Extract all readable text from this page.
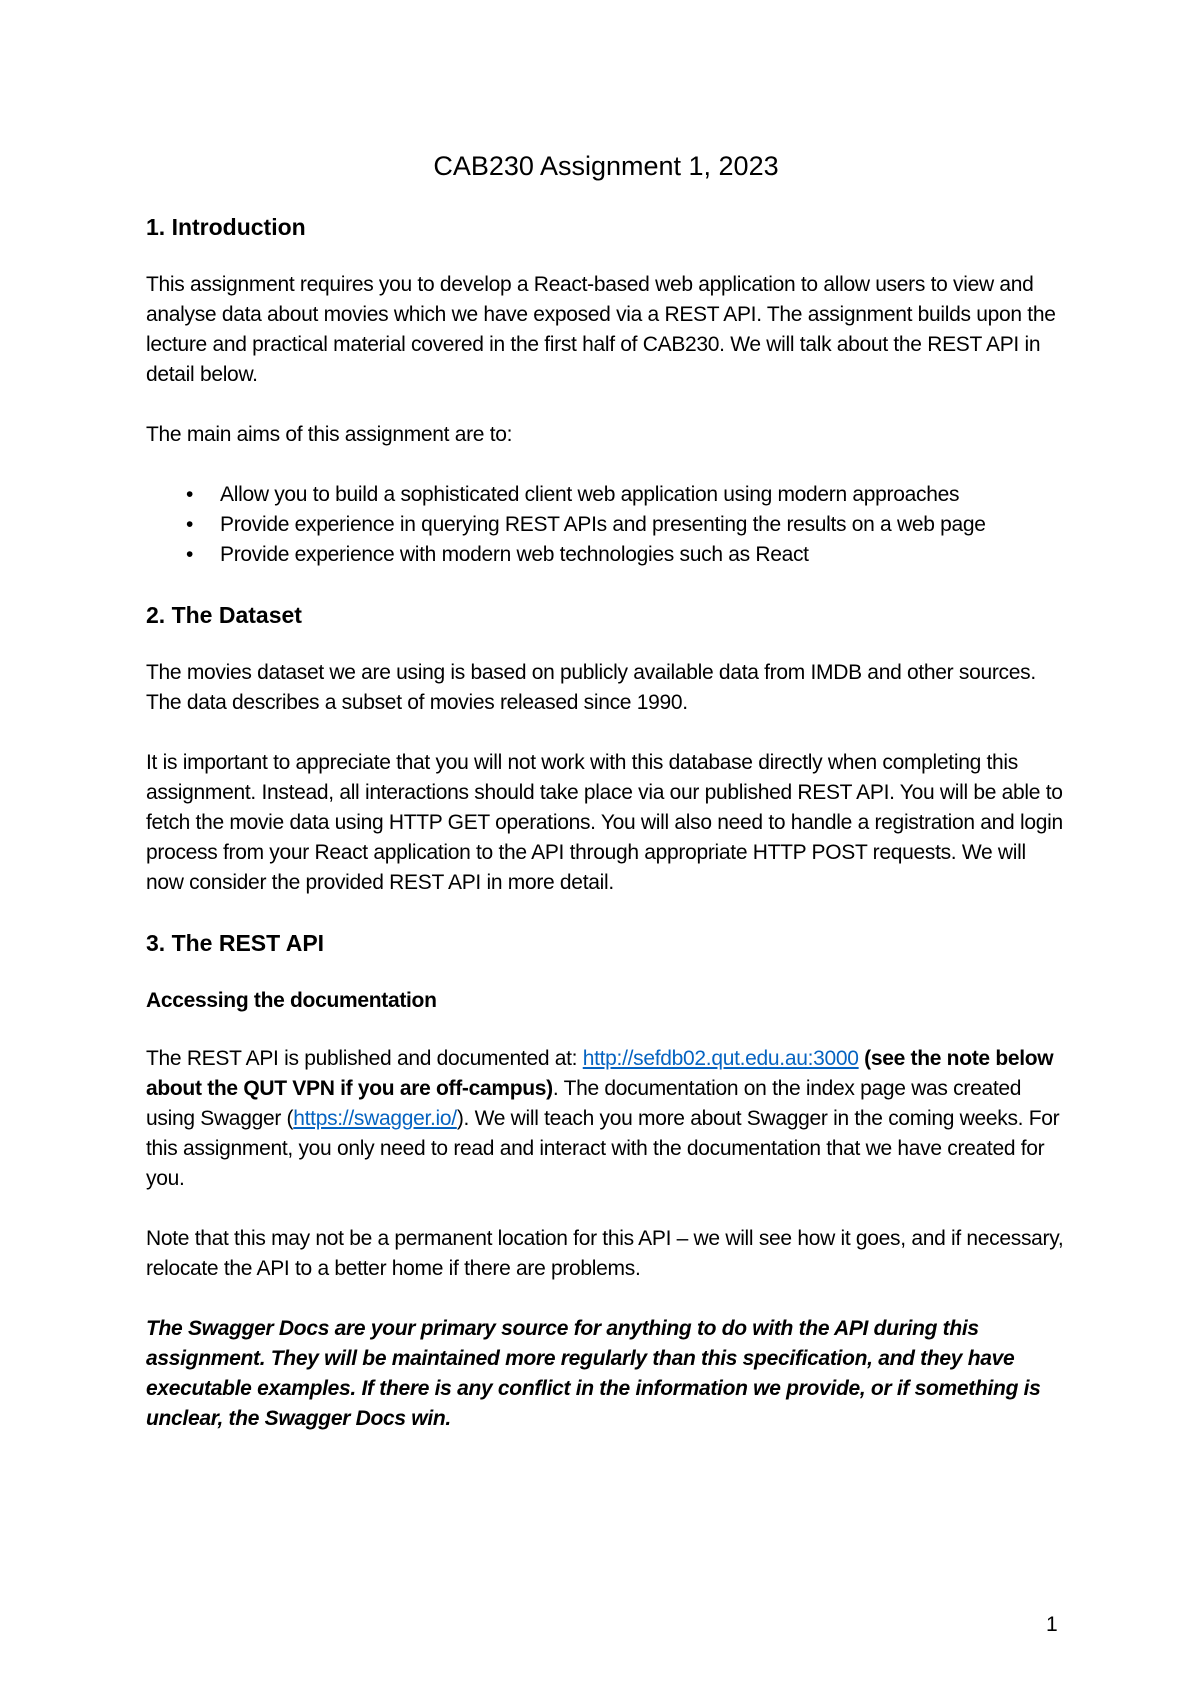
CAB230 Assignment 1, 2023
1. Introduction

This assignment requires you to develop a React-based web application to allow users to view and analyse data about movies which we have exposed via a REST API. The assignment builds upon the lecture and practical material covered in the first half of CAB230. We will talk about the REST API in detail below.

The main aims of this assignment are to:

• Allow you to build a sophisticated client web application using modern approaches
• Provide experience in querying REST APIs and presenting the results on a web page
• Provide experience with modern web technologies such as React
2. The Dataset

The movies dataset we are using is based on publicly available data from IMDB and other sources. The data describes a subset of movies released since 1990.

It is important to appreciate that you will not work with this database directly when completing this assignment. Instead, all interactions should take place via our published REST API. You will be able to fetch the movie data using HTTP GET operations. You will also need to handle a registration and login process from your React application to the API through appropriate HTTP POST requests. We will now consider the provided REST API in more detail.

3. The REST API
Accessing the documentation

The REST API is published and documented at: http://sefdb02.qut.edu.au:3000 (see the note below about the QUT VPN if you are off-campus). The documentation on the index page was created using Swagger (https://swagger.io/). We will teach you more about Swagger in the coming weeks. For this assignment, you only need to read and interact with the documentation that we have created for you.

Note that this may not be a permanent location for this API – we will see how it goes, and if necessary, relocate the API to a better home if there are problems.

The Swagger Docs are your primary source for anything to do with the API during this assignment. They will be maintained more regularly than this specification, and they have executable examples. If there is any conflict in the information we provide, or if something is unclear, the Swagger Docs win.

1
